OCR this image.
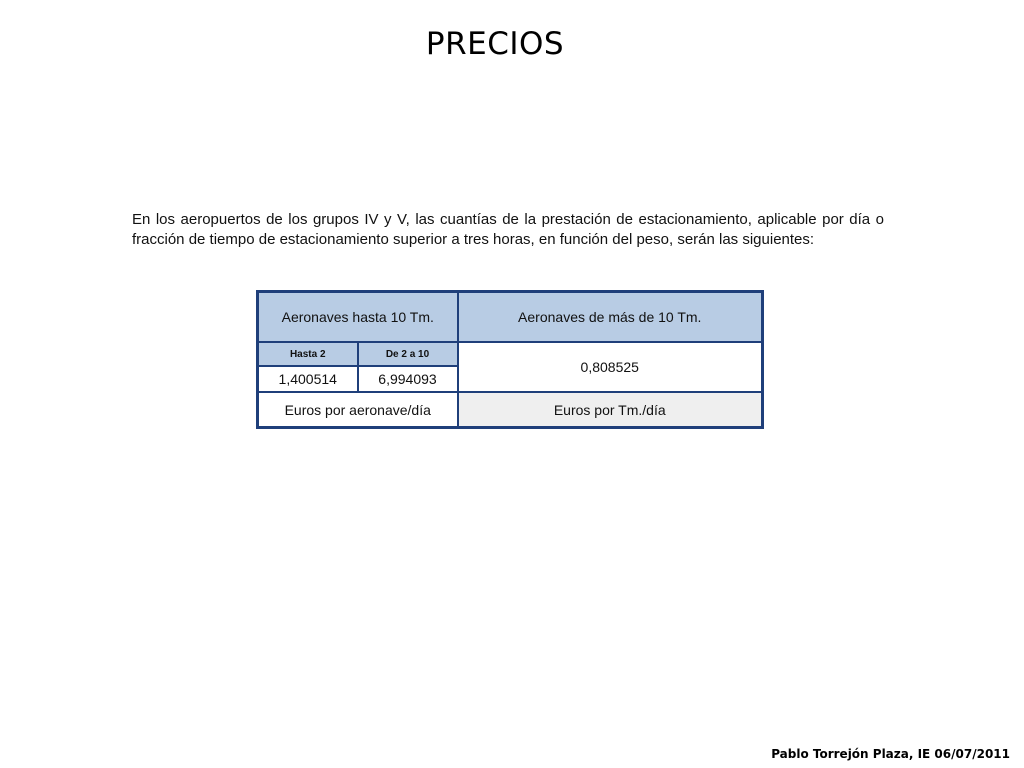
PRECIOS
En los aeropuertos de los grupos IV y V, las cuantías de la prestación de estacionamiento, aplicable por día o fracción de tiempo de estacionamiento superior a tres horas, en función del peso, serán las siguientes:
Aeronaves hasta 10 Tm.		Aeronaves de más de 10 Tm.
Hasta 2	De 2 a 10	0,808525
1,400514	6,994093	
Euros por aeronave/día		Euros por Tm./día
Pablo Torrejón Plaza, IE 06/07/2011
